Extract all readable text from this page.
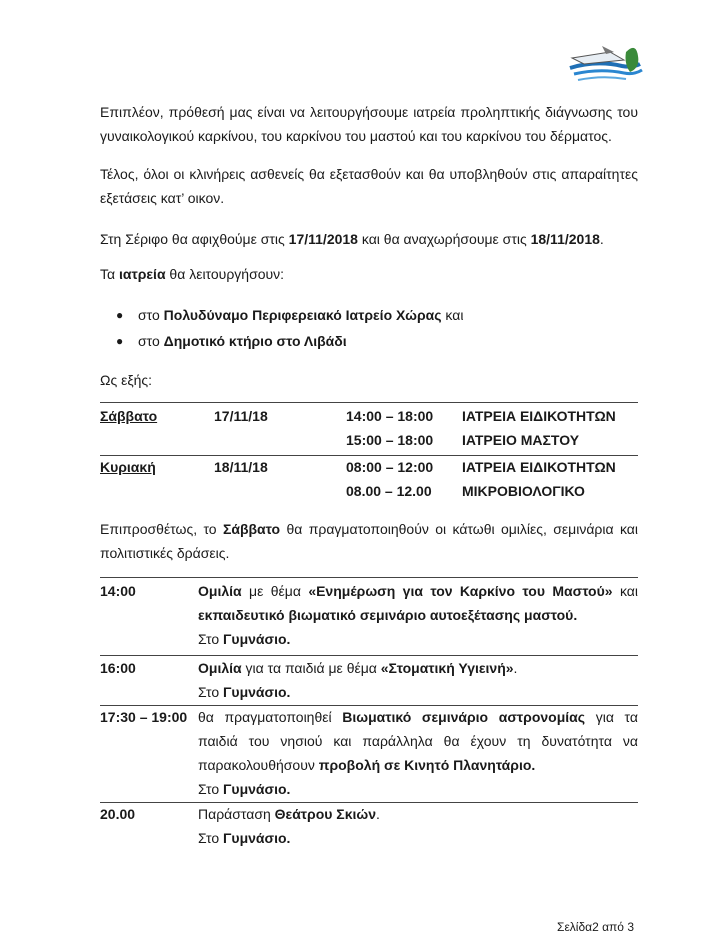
Επιπλέον, πρόθεσή μας είναι να λειτουργήσουμε ιατρεία προληπτικής διάγνωσης του γυναικολογικού καρκίνου, του καρκίνου του μαστού και του καρκίνου του δέρματος.
Τέλος, όλοι οι κλινήρεις ασθενείς θα εξετασθούν και θα υποβληθούν στις απαραίτητες εξετάσεις κατ’ οικον.
Στη Σέριφο θα αφιχθούμε στις 17/11/2018 και θα αναχωρήσουμε στις 18/11/2018.
Τα ιατρεία θα λειτουργήσουν:
● στο Πολυδύναμο Περιφερειακό Ιατρείο Χώρας και
● στο Δημοτικό κτήριο στο Λιβάδι
Ως εξής:
Σάββατο	17/11/18	14:00 – 18:00 ΙΑΤΡΕΙΑ ΕΙΔΙΚΟΤΗΤΩΝ
15:00 – 18:00 ΙΑΤΡΕΙΟ ΜΑΣΤΟΥ
Κυριακή	18/11/18	08:00 – 12:00 ΙΑΤΡΕΙΑ ΕΙΔΙΚΟΤΗΤΩΝ
08.00 – 12.00 ΜΙΚΡΟΒΙΟΛΟΓΙΚΟ
Επιπροσθέτως, το Σάββατο θα πραγματοποιηθούν οι κάτωθι ομιλίες, σεμινάρια και πολιτιστικές δράσεις.
14:00	Ομιλία με θέμα «Ενημέρωση για τον Καρκίνο του Μαστού» και εκπαιδευτικό βιωματικό σεμινάριο αυτοεξέτασης μαστού.
Στο Γυμνάσιο.
16:00	Ομιλία για τα παιδιά με θέμα «Στοματική Υγιεινή».
Στο Γυμνάσιο.
17:30 – 19:00 θα πραγματοποιηθεί Βιωματικό σεμινάριο αστρονομίας για τα παιδιά του νησιού και παράλληλα θα έχουν τη δυνατότητα να παρακολουθήσουν προβολή σε Κινητό Πλανητάριο.
Στο Γυμνάσιο.
20.00	Παράσταση Θεάτρου Σκιών.
Στο Γυμνάσιο.
Σελίδα2 από 3
